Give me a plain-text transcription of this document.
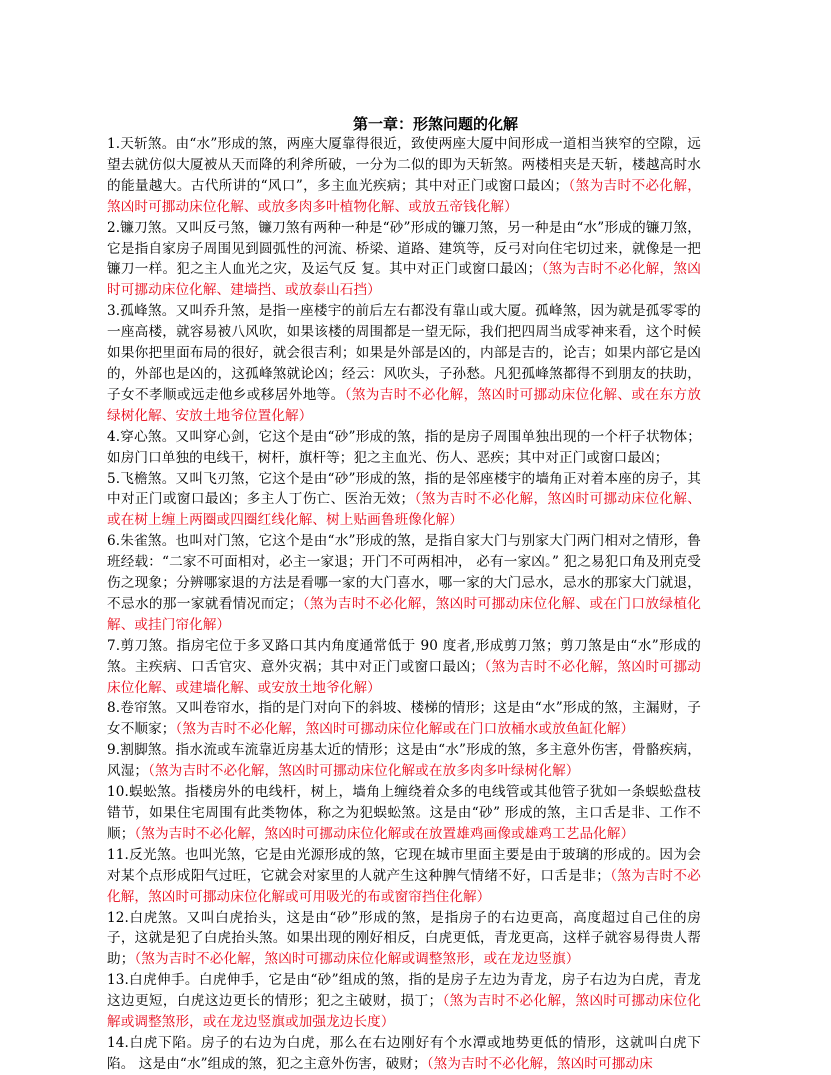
第一章：形煞问题的化解

1.天斩煞。由“水”形成的煞，两座大厦靠得很近，致使两座大厦中间形成一道相当狭窄的空隙，远望去就仿似大厦被从天而降的利斧所破，一分为二似的即为天斩煞。两楼相夹是天斩，楼越高时水的能量越大。古代所讲的“风口”，多主血光疾病；其中对正门或窗口最凶；（煞为吉时不必化解，煞凶时可挪动床位化解、或放多肉多叶植物化解、或放五帝钱化解）

2.镰刀煞。又叫反弓煞，镰刀煞有两种一种是“砂”形成的镰刀煞，另一种是由“水”形成的镰刀煞，它是指自家房子周围见到圆弧性的河流、桥梁、道路、建筑等，反弓对向住宅切过来，就像是一把镰刀一样。犯之主人血光之灾，及运气反 复。其中对正门或窗口最凶；（煞为吉时不必化解，煞凶时可挪动床位化解、建墙挡、或放泰山石挡）

3.孤峰煞。又叫乔升煞，是指一座楼宇的前后左右都没有靠山或大厦。孤峰煞，因为就是孤零零的一座高楼，就容易被八风吹，如果该楼的周围都是一望无际，我们把四周当成零神来看，这个时候如果你把里面布局的很好，就会很吉利；如果是外部是凶的，内部是吉的，论吉；如果内部它是凶的，外部也是凶的，这孤峰煞就论凶；经云：风吹头，子孙愁。凡犯孤峰煞都得不到朋友的扶助，子女不孝顺或远走他乡或移居外地等。（煞为吉时不必化解，煞凶时可挪动床位化解、或在东方放绿树化解、安放土地爷位置化解）

4.穿心煞。又叫穿心剑，它这个是由“砂”形成的煞，指的是房子周围单独出现的一个杆子状物体；如房门口单独的电线干，树杆，旗杆等；犯之主血光、伤人、恶疾；其中对正门或窗口最凶；

5.飞檐煞。又叫飞刃煞，它这个是由“砂”形成的煞，指的是邻座楼宇的墙角正对着本座的房子，其中对正门或窗口最凶；多主人丁伤亡、医治无效；（煞为吉时不必化解，煞凶时可挪动床位化解、或在树上缠上两圈或四圈红线化解、树上贴画鲁班像化解）

6.朱雀煞。也叫对门煞，它这个是由“水”形成的煞，是指自家大门与别家大门两门相对之情形，鲁班经载：“二家不可面相对，必主一家退；开门不可两相冲， 必有一家凶。” 犯之易犯口角及刑克受伤之现象；分辨哪家退的方法是看哪一家的大门喜水，哪一家的大门忌水，忌水的那家大门就退，不忌水的那一家就看情况而定；（煞为吉时不必化解，煞凶时可挪动床位化解、或在门口放绿植化解、或挂门帘化解）

7.剪刀煞。指房宅位于多叉路口其内角度通常低于 90 度者,形成剪刀煞；剪刀煞是由“水”形成的煞。主疾病、口舌官灾、意外灾祸；其中对正门或窗口最凶；（煞为吉时不必化解，煞凶时可挪动床位化解、或建墙化解、或安放土地爷化解）

8.卷帘煞。又叫卷帘水，指的是门对向下的斜坡、楼梯的情形；这是由“水”形成的煞，主漏财，子女不顺家；（煞为吉时不必化解，煞凶时可挪动床位化解或在门口放桶水或放鱼缸化解）

9.割脚煞。指水流或车流靠近房基太近的情形；这是由“水”形成的煞，多主意外伤害，骨骼疾病，风湿；（煞为吉时不必化解，煞凶时可挪动床位化解或在放多肉多叶绿树化解）

10.蜈蚣煞。指楼房外的电线杆，树上，墙角上缠绕着众多的电线管或其他管子犹如一条蜈蚣盘枝错节，如果住宅周围有此类物体，称之为犯蜈蚣煞。这是由“砂” 形成的煞，主口舌是非、工作不顺；（煞为吉时不必化解，煞凶时可挪动床位化解或在放置雄鸡画像或雄鸡工艺品化解）

11.反光煞。也叫光煞，它是由光源形成的煞，它现在城市里面主要是由于玻璃的形成的。因为会对某个点形成阳气过旺，它就会对家里的人就产生这种脾气情绪不好，口舌是非；（煞为吉时不必化解，煞凶时可挪动床位化解或可用吸光的布或窗帘挡住化解）

12.白虎煞。又叫白虎抬头，这是由“砂”形成的煞，是指房子的右边更高，高度超过自己住的房子，这就是犯了白虎抬头煞。如果出现的刚好相反，白虎更低，青龙更高，这样子就容易得贵人帮助；（煞为吉时不必化解，煞凶时可挪动床位化解或调整煞形，或在龙边竖旗）

13.白虎伸手。白虎伸手，它是由“砂”组成的煞，指的是房子左边为青龙，房子右边为白虎，青龙这边更短，白虎这边更长的情形；犯之主破财，损丁；（煞为吉时不必化解，煞凶时可挪动床位化解或调整煞形，或在龙边竖旗或加强龙边长度）

14.白虎下陷。房子的右边为白虎，那么在右边刚好有个水潭或地势更低的情形，这就叫白虎下陷。 这是由“水”组成的煞，犯之主意外伤害，破财；（煞为吉时不必化解，煞凶时可挪动床
